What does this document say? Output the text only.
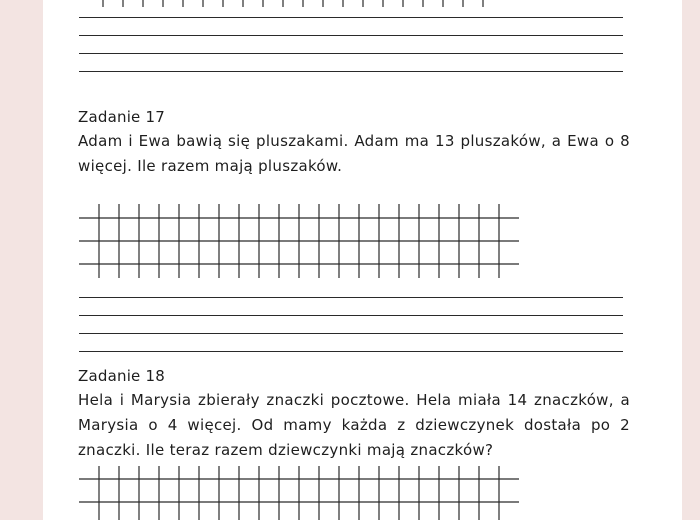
Zadanie 17
Adam i Ewa bawią się pluszakami. Adam ma 13 pluszaków, a Ewa o 8 więcej. Ile razem mają pluszaków.
Zadanie 18
Hela i Marysia zbierały znaczki pocztowe. Hela miała 14 znaczków, a Marysia o 4 więcej. Od mamy każda z dziewczynek dostała po 2 znaczki. Ile teraz razem dziewczynki mają znaczków?
